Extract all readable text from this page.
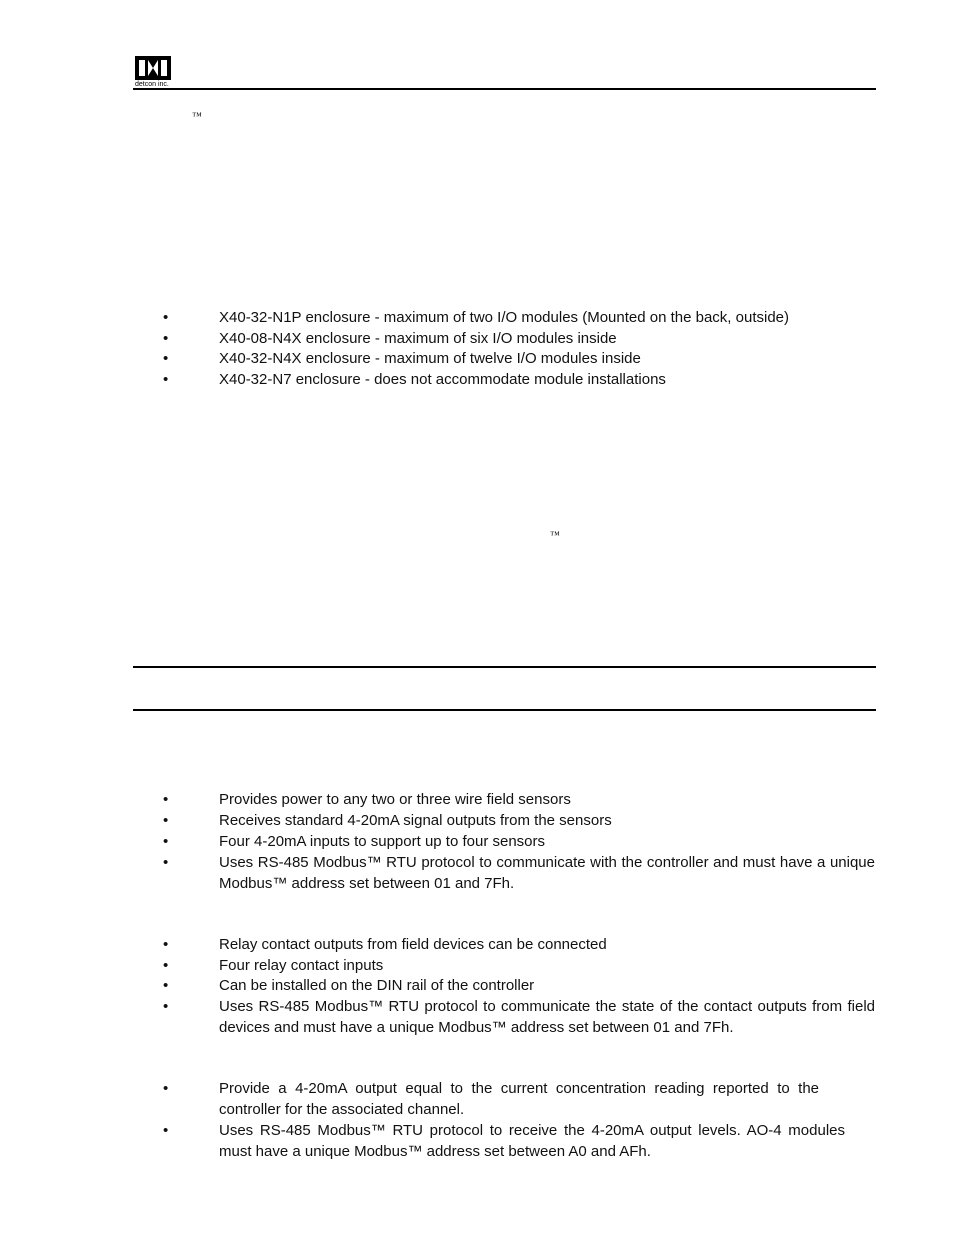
detcon inc.
™
•	X40-32-N1P enclosure - maximum of two I/O modules (Mounted on the back, outside)
•	X40-08-N4X enclosure - maximum of six I/O modules inside
•	X40-32-N4X enclosure - maximum of twelve I/O modules inside
•	X40-32-N7 enclosure - does not accommodate module installations
™
•	Provides power to any two or three wire field sensors
•	Receives standard 4-20mA signal outputs from the sensors
•	Four 4-20mA inputs to support up to four sensors
•	Uses RS-485 Modbus™ RTU protocol to communicate with the controller and must have a unique Modbus™ address set between 01 and 7Fh.
•	Relay contact outputs from field devices can be connected
•	Four relay contact inputs
•	Can be installed on the DIN rail of the controller
•	Uses RS-485 Modbus™ RTU protocol to communicate the state of the contact outputs from field devices and must have a unique Modbus™ address set between 01 and 7Fh.
•	Provide a 4-20mA output equal to the current concentration reading reported to the controller for the associated channel.
•	Uses RS-485 Modbus™ RTU protocol to receive the 4-20mA output levels. AO-4 modules must have a unique Modbus™ address set between A0 and AFh.
